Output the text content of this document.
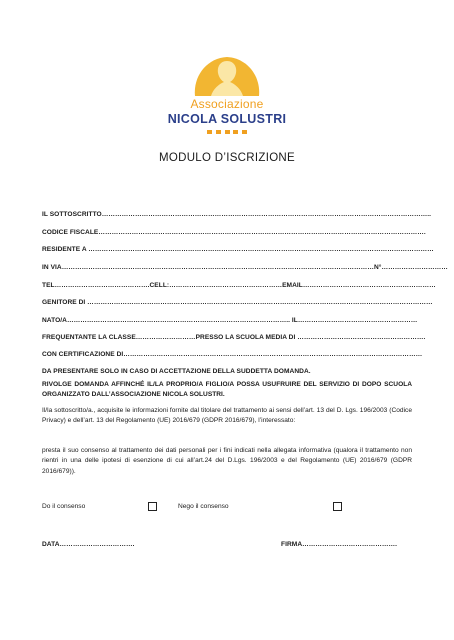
Associazione
NICOLA SOLUSTRI
MODULO D’ISCRIZIONE
IL SOTTOSCRITTO…………………………………………………………………………………………………………………………………..
CODICE FISCALE………………………………………………………………………………………………………………………………….
RESIDENTE A …………………………………………………………………………………………………………………………………………
IN VIA……………………………………………………………………………………………………………………………N°…………………………
TEL…………………………………….CELL:……………………………………………EMAIL……………………………………………………
GENITORE DI …………………………………………………………………………………………………………………………………………
NATO/A……………………………………………………………………………………….. IL………………………………………………
FREQUENTANTE LA CLASSE………………………PRESSO LA SCUOLA MEDIA DI ………………………………………………….
CON CERTIFICAZIONE DI………………………………………………………………………………………………………………………
DA PRESENTARE SOLO IN CASO DI ACCETTAZIONE DELLA SUDDETTA DOMANDA.
RIVOLGE DOMANDA AFFINCHÉ IL/LA PROPRIO/A FIGLIO/A POSSA USUFRUIRE DEL SERVIZIO DI DOPO SCUOLA ORGANIZZATO DALL’ASSOCIAZIONE NICOLA SOLUSTRI.
Il/la sottoscritto/a., acquisite le informazioni fornite dal titolare del trattamento ai sensi dell’art. 13 del D. Lgs. 196/2003 (Codice Privacy) e dell’art. 13 del Regolamento (UE) 2016/679 (GDPR 2016/679), l’interessato:
presta il suo consenso al trattamento dei dati personali per i fini indicati nella allegata informativa (qualora il trattamento non rientri in una delle ipotesi di esenzione di cui all’art.24 del D.Lgs. 196/2003 e del Regolamento (UE) 2016/679 (GDPR 2016/679)).
Do il consenso	Nego il consenso
DATA…………………………….	FIRMA…………………………………….
